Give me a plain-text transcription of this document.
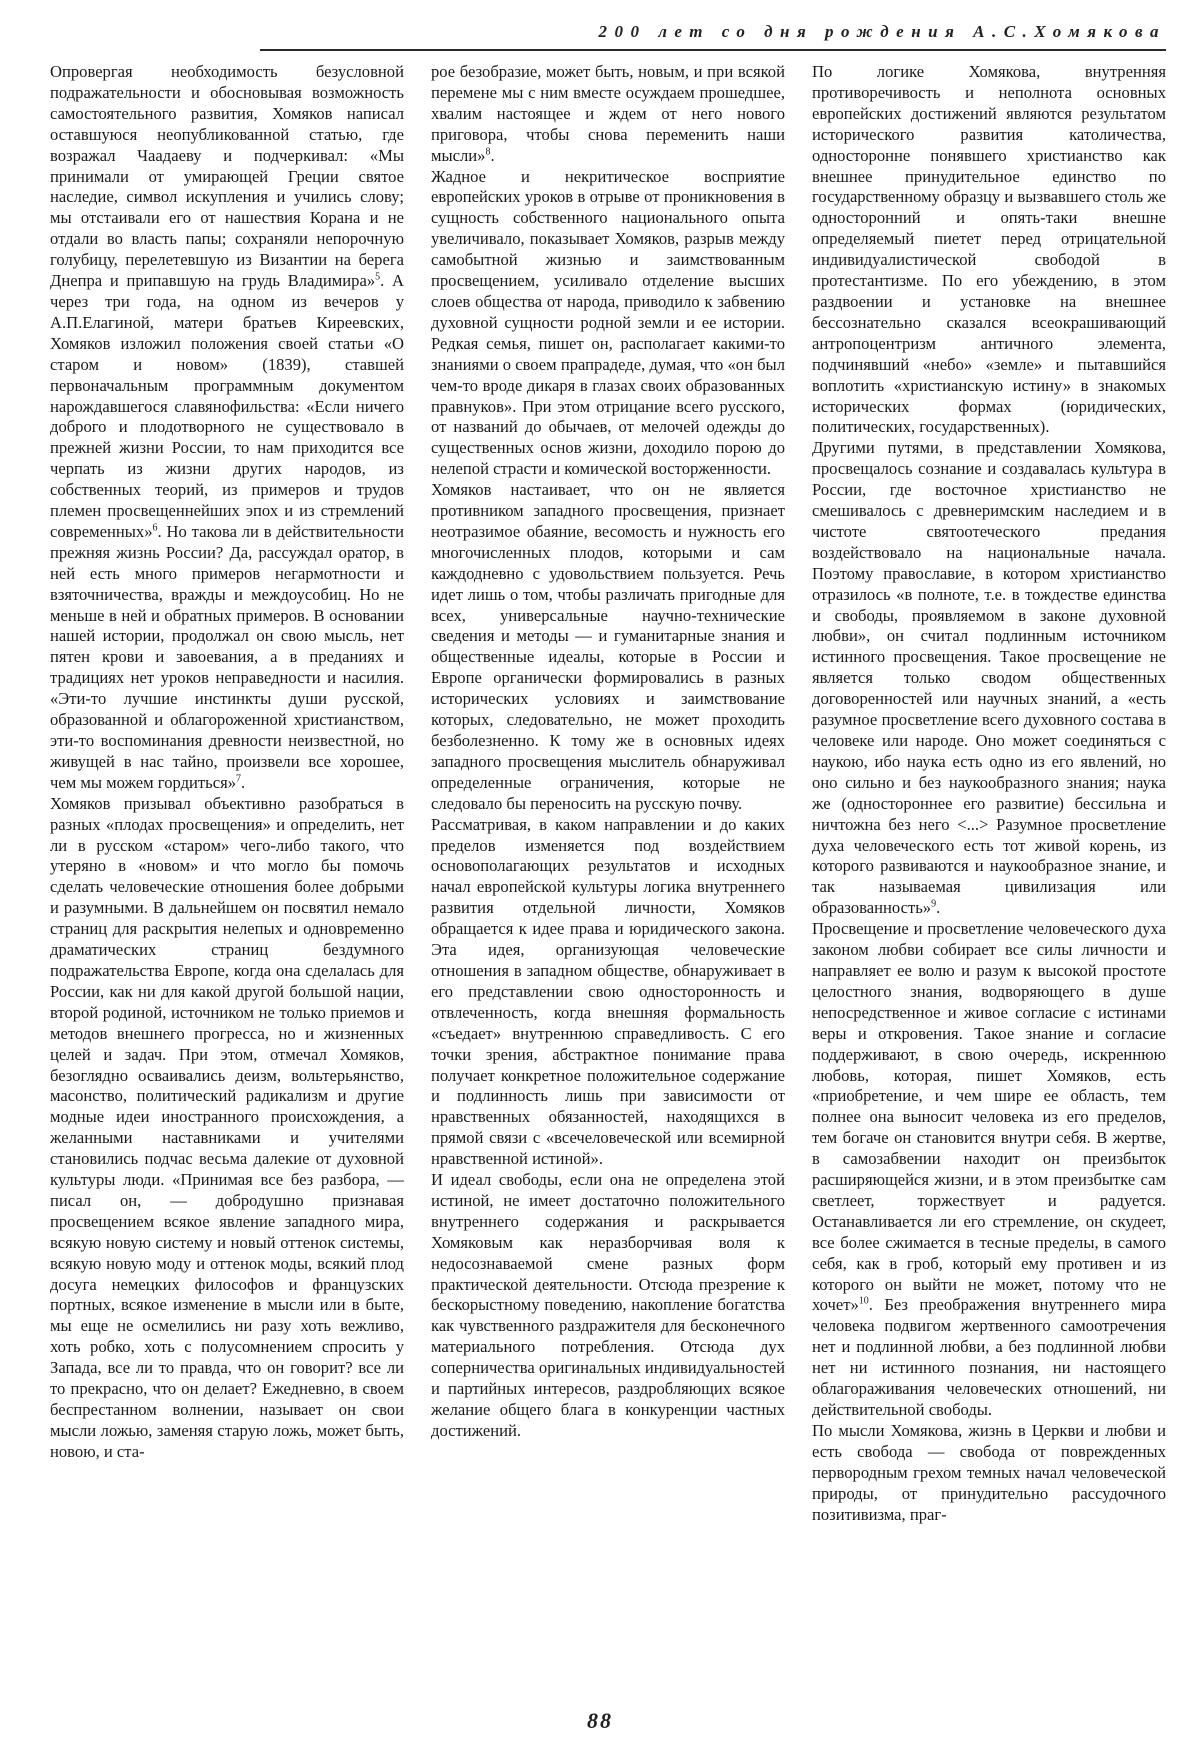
200 лет со дня рождения А.С.Хомякова

Опровергая необходимость безусловной подражательности и обосновывая возможность самостоятельного развития, Хомяков написал оставшуюся неопубликованной статью, где возражал Чаадаеву и подчеркивал: «Мы принимали от умирающей Греции святое наследие, символ искупления и учились слову; мы отстаивали его от нашествия Корана и не отдали во власть папы; сохраняли непорочную голубицу, перелетевшую из Византии на берега Днепра и припавшую на грудь Владимира»$^5$. А через три года, на одном из вечеров у А.П.Елагиной, матери братьев Киреевских, Хомяков изложил положения своей статьи «О старом и новом» (1839), ставшей первоначальным программным документом нарождавшегося славянофильства: «Если ничего доброго и плодотворного не существовало в прежней жизни России, то нам приходится все черпать из жизни других народов, из собственных теорий, из примеров и трудов племен просвещеннейших эпох и из стремлений современных»$^6$. Но такова ли в действительности прежняя жизнь России? Да, рассуждал оратор, в ней есть много примеров негармотности и взяточничества, вражды и междоусобиц. Но не меньше в ней и обратных примеров. В основании нашей истории, продолжал он свою мысль, нет пятен крови и завоевания, а в преданиях и традициях нет уроков неправедности и насилия. «Эти-то лучшие инстинкты души русской, образованной и облагороженной христианством, эти-то воспоминания древности неизвестной, но живущей в нас тайно, произвели все хорошее, чем мы можем гордиться»$^7$.

Хомяков призывал объективно разобраться в разных «плодах просвещения» и определить, нет ли в русском «старом» чего-либо такого, что утеряно в «новом» и что могло бы помочь сделать человеческие отношения более добрыми и разумными. В дальнейшем он посвятил немало страниц для раскрытия нелепых и одновременно драматических страниц бездумного подражательства Европе, когда она сделалась для России, как ни для какой другой большой нации, второй родиной, источником не только приемов и методов внешнего прогресса, но и жизненных целей и задач. При этом, отмечал Хомяков, безоглядно осваивались деизм, вольтерьянство, масонство, политический радикализм и другие модные идеи иностранного происхождения, а желанными наставниками и учителями становились подчас весьма далекие от духовной культуры люди. «Принимая все без разбора, — писал он, — добродушно признавая просвещением всякое явление западного мира, всякую новую систему и новый оттенок системы, всякую новую моду и оттенок моды, всякий плод досуга немецких философов и французских портных, всякое изменение в мысли или в быте, мы еще не осмелились ни разу хоть вежливо, хоть робко, хоть с полусомнением спросить у Запада, все ли то правда, что он говорит? все ли то прекрасно, что он делает? Ежедневно, в своем беспрестанном волнении, называет он свои мысли ложью, заменяя старую ложь, может быть, новою, и ста-

рое безобразие, может быть, новым, и при всякой перемене мы с ним вместе осуждаем прошедшее, хвалим настоящее и ждем от него нового приговора, чтобы снова переменить наши мысли»$^8$.

Жадное и некритическое восприятие европейских уроков в отрыве от проникновения в сущность собственного национального опыта увеличивало, показывает Хомяков, разрыв между самобытной жизнью и заимствованным просвещением, усиливало отделение высших слоев общества от народа, приводило к забвению духовной сущности родной земли и ее истории. Редкая семья, пишет он, располагает какими-то знаниями о своем прапрадеде, думая, что «он был чем-то вроде дикаря в глазах своих образованных правнуков». При этом отрицание всего русского, от названий до обычаев, от мелочей одежды до существенных основ жизни, доходило порою до нелепой страсти и комической восторженности.

Хомяков настаивает, что он не является противником западного просвещения, признает неотразимое обаяние, весомость и нужность его многочисленных плодов, которыми и сам каждодневно с удовольствием пользуется. Речь идет лишь о том, чтобы различать пригодные для всех, универсальные научно-технические сведения и методы — и гуманитарные знания и общественные идеалы, которые в России и Европе органически формировались в разных исторических условиях и заимствование которых, следовательно, не может проходить безболезненно. К тому же в основных идеях западного просвещения мыслитель обнаруживал определенные ограничения, которые не следовало бы переносить на русскую почву.

Рассматривая, в каком направлении и до каких пределов изменяется под воздействием основополагающих результатов и исходных начал европейской культуры логика внутреннего развития отдельной личности, Хомяков обращается к идее права и юридического закона. Эта идея, организующая человеческие отношения в западном обществе, обнаруживает в его представлении свою односторонность и отвлеченность, когда внешняя формальность «съедает» внутреннюю справедливость. С его точки зрения, абстрактное понимание права получает конкретное положительное содержание и подлинность лишь при зависимости от нравственных обязанностей, находящихся в прямой связи с «всечеловеческой или всемирной нравственной истиной».

И идеал свободы, если она не определена этой истиной, не имеет достаточно положительного внутреннего содержания и раскрывается Хомяковым как неразборчивая воля к недосознаваемой смене разных форм практической деятельности. Отсюда презрение к бескорыстному поведению, накопление богатства как чувственного раздражителя для бесконечного материального потребления. Отсюда дух соперничества оригинальных индивидуальностей и партийных интересов, раздробляющих всякое желание общего блага в конкуренции частных достижений.

По логике Хомякова, внутренняя противоречивость и неполнота основных европейских достижений являются результатом исторического развития католичества, односторонне понявшего христианство как внешнее принудительное единство по государственному образцу и вызвавшего столь же односторонний и опять-таки внешне определяемый пиетет перед отрицательной индивидуалистической свободой в протестантизме. По его убеждению, в этом раздвоении и установке на внешнее бессознательно сказался всеокрашивающий антропоцентризм античного элемента, подчинявший «небо» «земле» и пытавшийся воплотить «христианскую истину» в знакомых исторических формах (юридических, политических, государственных).

Другими путями, в представлении Хомякова, просвещалось сознание и создавалась культура в России, где восточное христианство не смешивалось с древнеримским наследием и в чистоте святоотеческого предания воздействовало на национальные начала. Поэтому православие, в котором христианство отразилось «в полноте, т.е. в тождестве единства и свободы, проявляемом в законе духовной любви», он считал подлинным источником истинного просвещения. Такое просвещение не является только сводом общественных договоренностей или научных знаний, а «есть разумное просветление всего духовного состава в человеке или народе. Оно может соединяться с наукою, ибо наука есть одно из его явлений, но оно сильно и без наукообразного знания; наука же (одностороннее его развитие) бессильна и ничтожна без него <...> Разумное просветление духа человеческого есть тот живой корень, из которого развиваются и наукообразное знание, и так называемая цивилизация или образованность»$^9$.

Просвещение и просветление человеческого духа законом любви собирает все силы личности и направляет ее волю и разум к высокой простоте целостного знания, водворяющего в душе непосредственное и живое согласие с истинами веры и откровения. Такое знание и согласие поддерживают, в свою очередь, искреннюю любовь, которая, пишет Хомяков, есть «приобретение, и чем шире ее область, тем полнее она выносит человека из его пределов, тем богаче он становится внутри себя. В жертве, в самозабвении находит он преизбыток расширяющейся жизни, и в этом преизбытке сам светлеет, торжествует и радуется. Останавливается ли его стремление, он скудеет, все более сжимается в тесные пределы, в самого себя, как в гроб, который ему противен и из которого он выйти не может, потому что не хочет»$^{10}$. Без преображения внутреннего мира человека подвигом жертвенного самоотречения нет и подлинной любви, а без подлинной любви нет ни истинного познания, ни настоящего облагораживания человеческих отношений, ни действительной свободы.

По мысли Хомякова, жизнь в Церкви и любви и есть свобода — свобода от поврежденных первородным грехом темных начал человеческой природы, от принудительно рассудочного позитивизма, праг-

88
